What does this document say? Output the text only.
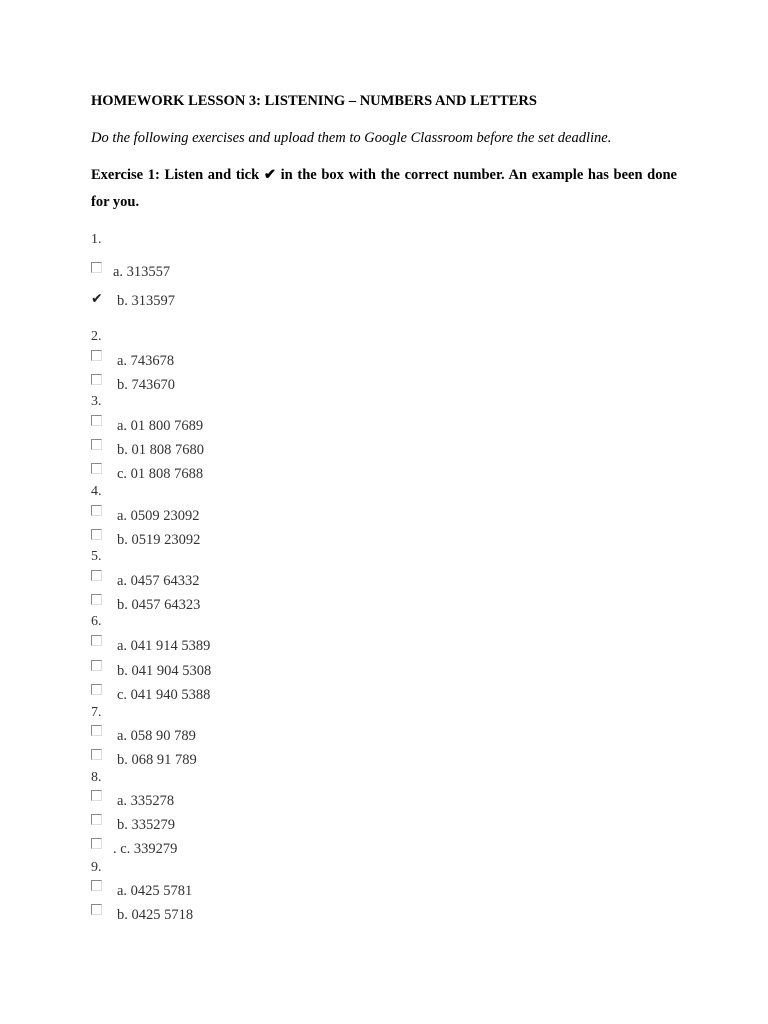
HOMEWORK LESSON 3: LISTENING – NUMBERS AND LETTERS
Do the following exercises and upload them to Google Classroom before the set deadline.
Exercise 1: Listen and tick ✔ in the box with the correct number. An example has been done for you.
1.
a. 313557
✔ b. 313597
2.
a. 743678
b. 743670
3.
a. 01 800 7689
b. 01 808 7680
c. 01 808 7688
4.
a. 0509 23092
b. 0519 23092
5.
a. 0457 64332
b. 0457 64323
6.
a. 041 914 5389
b. 041 904 5308
c. 041 940 5388
7.
a. 058 90 789
b. 068 91 789
8.
a. 335278
b. 335279
. c. 339279
9.
a. 0425 5781
b. 0425 5718
